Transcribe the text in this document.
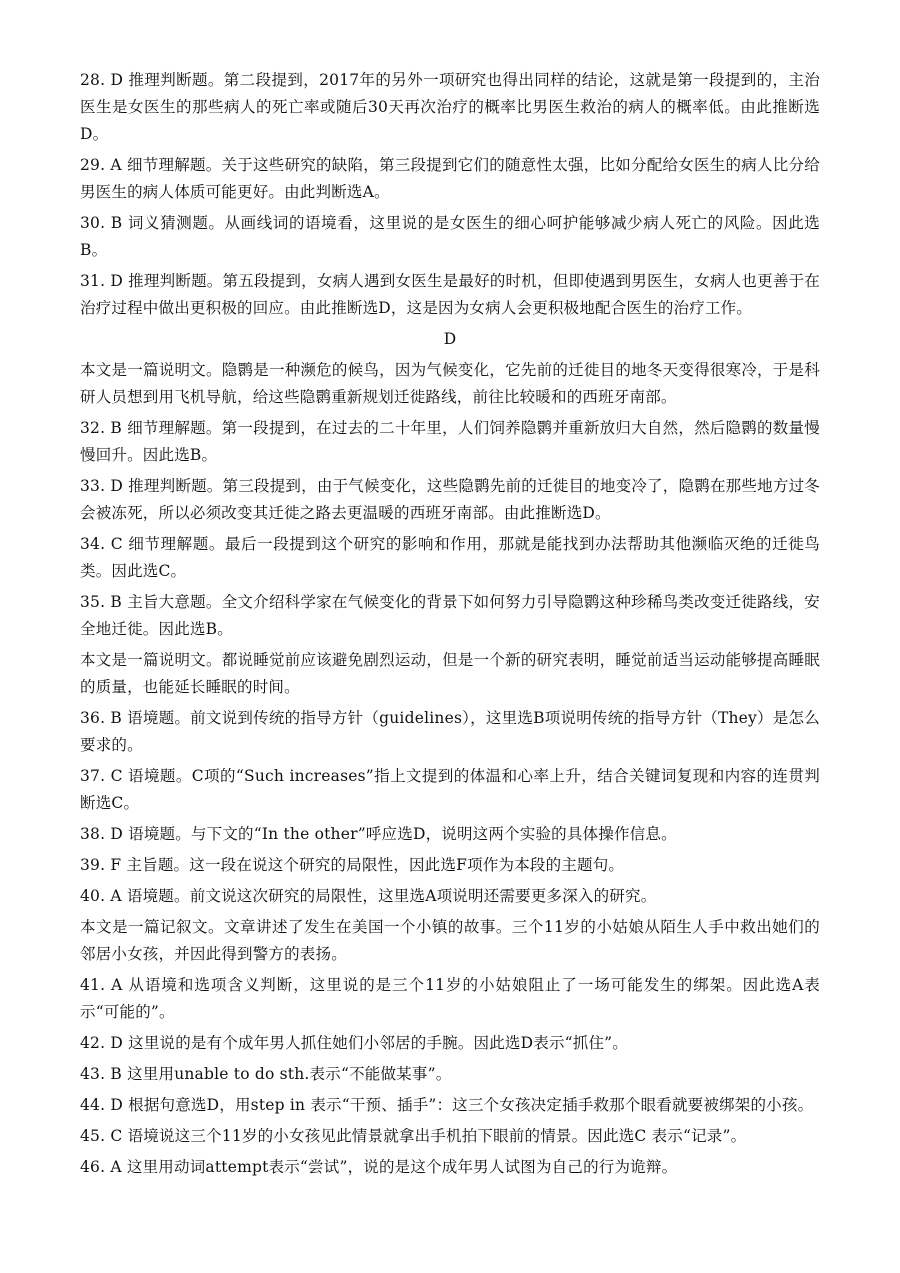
28. D 推理判断题。第二段提到，2017年的另外一项研究也得出同样的结论，这就是第一段提到的，主治医生是女医生的那些病人的死亡率或随后30天再次治疗的概率比男医生救治的病人的概率低。由此推断选D。

29. A 细节理解题。关于这些研究的缺陷，第三段提到它们的随意性太强，比如分配给女医生的病人比分给男医生的病人体质可能更好。由此判断选A。

30. B 词义猜测题。从画线词的语境看，这里说的是女医生的细心呵护能够减少病人死亡的风险。因此选B。

31. D 推理判断题。第五段提到，女病人遇到女医生是最好的时机，但即使遇到男医生，女病人也更善于在治疗过程中做出更积极的回应。由此推断选D，这是因为女病人会更积极地配合医生的治疗工作。

D

本文是一篇说明文。隐鹮是一种濒危的候鸟，因为气候变化，它先前的迁徙目的地冬天变得很寒冷，于是科研人员想到用飞机导航，给这些隐鹮重新规划迁徙路线，前往比较暖和的西班牙南部。

32. B 细节理解题。第一段提到，在过去的二十年里，人们饲养隐鹮并重新放归大自然，然后隐鹮的数量慢慢回升。因此选B。

33. D 推理判断题。第三段提到，由于气候变化，这些隐鹮先前的迁徙目的地变冷了，隐鹮在那些地方过冬会被冻死，所以必须改变其迁徙之路去更温暖的西班牙南部。由此推断选D。

34. C 细节理解题。最后一段提到这个研究的影响和作用，那就是能找到办法帮助其他濒临灭绝的迁徙鸟类。因此选C。

35. B 主旨大意题。全文介绍科学家在气候变化的背景下如何努力引导隐鹮这种珍稀鸟类改变迁徙路线，安全地迁徙。因此选B。

本文是一篇说明文。都说睡觉前应该避免剧烈运动，但是一个新的研究表明，睡觉前适当运动能够提高睡眠的质量，也能延长睡眠的时间。

36. B 语境题。前文说到传统的指导方针（guidelines），这里选B项说明传统的指导方针（They）是怎么要求的。

37. C 语境题。C项的“Such increases”指上文提到的体温和心率上升，结合关键词复现和内容的连贯判断选C。

38. D 语境题。与下文的“In the other”呼应选D，说明这两个实验的具体操作信息。

39. F 主旨题。这一段在说这个研究的局限性，因此选F项作为本段的主题句。

40. A 语境题。前文说这次研究的局限性，这里选A项说明还需要更多深入的研究。

本文是一篇记叙文。文章讲述了发生在美国一个小镇的故事。三个11岁的小姑娘从陌生人手中救出她们的邻居小女孩，并因此得到警方的表扬。

41. A 从语境和选项含义判断，这里说的是三个11岁的小姑娘阻止了一场可能发生的绑架。因此选A表示“可能的”。

42. D 这里说的是有个成年男人抓住她们小邻居的手腕。因此选D表示“抓住”。

43. B 这里用unable to do sth.表示“不能做某事”。

44. D 根据句意选D，用step in 表示“干预、插手”：这三个女孩决定插手救那个眼看就要被绑架的小孩。

45. C 语境说这三个11岁的小女孩见此情景就拿出手机拍下眼前的情景。因此选C 表示“记录”。

46. A 这里用动词attempt表示“尝试”，说的是这个成年男人试图为自己的行为诡辩。
